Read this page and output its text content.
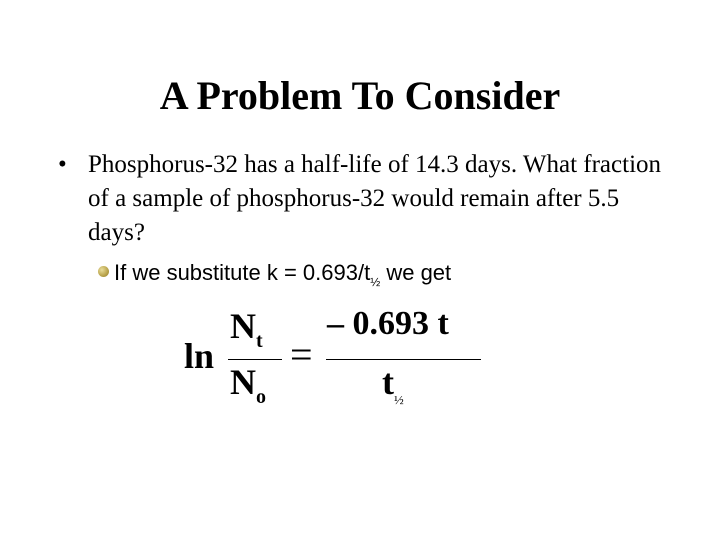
A Problem To Consider
• Phosphorus-32 has a half-life of 14.3 days. What fraction of a sample of phosphorus-32 would remain after 5.5 days?
If we substitute $k = 0.693/t_{\frac{1}{2}}$ we get
ln
$N_t$
$N_o$
=
– 0.693 t
$t_{\frac{1}{2}}$
